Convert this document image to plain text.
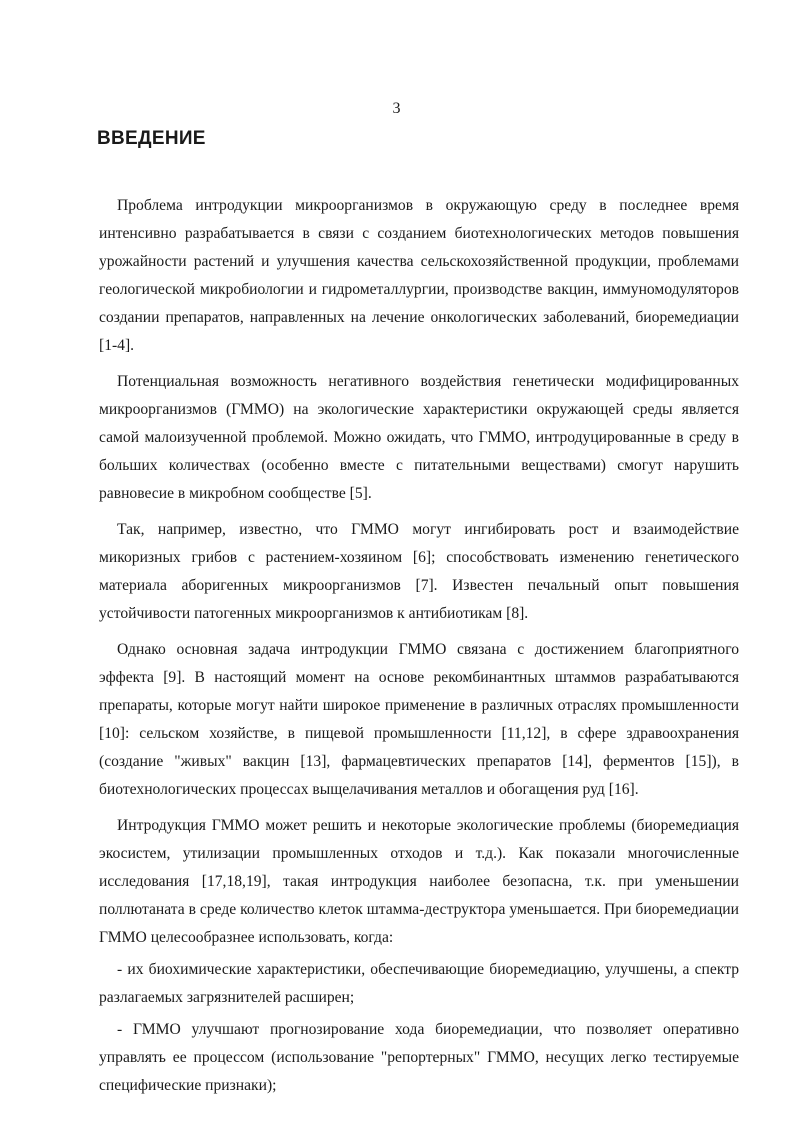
3
ВВЕДЕНИЕ

Проблема интродукции микроорганизмов в окружающую среду в последнее время интенсивно разрабатывается в связи с созданием биотехнологических методов повышения урожайности растений и улучшения качества сельскохозяйственной продукции, проблемами геологической микробиологии и гидрометаллургии, производстве вакцин, иммуномодуляторов создании препаратов, направленных на лечение онкологических заболеваний, биоремедиации [1-4].

Потенциальная возможность негативного воздействия генетически модифицированных микроорганизмов (ГММО) на экологические характеристики окружающей среды является самой малоизученной проблемой. Можно ожидать, что ГММО, интродуцированные в среду в больших количествах (особенно вместе с питательными веществами) смогут нарушить равновесие в микробном сообществе [5].

Так, например, известно, что ГММО могут ингибировать рост и взаимодействие микоризных грибов с растением-хозяином [6]; способствовать изменению генетического материала аборигенных микроорганизмов [7]. Известен печальный опыт повышения устойчивости патогенных микроорганизмов к антибиотикам [8].

Однако основная задача интродукции ГММО связана с достижением благоприятного эффекта [9]. В настоящий момент на основе рекомбинантных штаммов разрабатываются препараты, которые могут найти широкое применение в различных отраслях промышленности [10]: сельском хозяйстве, в пищевой промышленности [11,12], в сфере здравоохранения (создание "живых" вакцин [13], фармацевтических препаратов [14], ферментов [15]), в биотехнологических процессах выщелачивания металлов и обогащения руд [16].

Интродукция ГММО может решить и некоторые экологические проблемы (биоремедиация экосистем, утилизации промышленных отходов и т.д.). Как показали многочисленные исследования [17,18,19], такая интродукция наиболее безопасна, т.к. при уменьшении поллютаната в среде количество клеток штамма-деструктора уменьшается. При биоремедиации ГММО целесообразнее использовать, когда:

- их биохимические характеристики, обеспечивающие биоремедиацию, улучшены, а спектр разлагаемых загрязнителей расширен;

- ГММО улучшают прогнозирование хода биоремедиации, что позволяет оперативно управлять ее процессом (использование "репортерных" ГММО, несущих легко тестируемые специфические признаки);
